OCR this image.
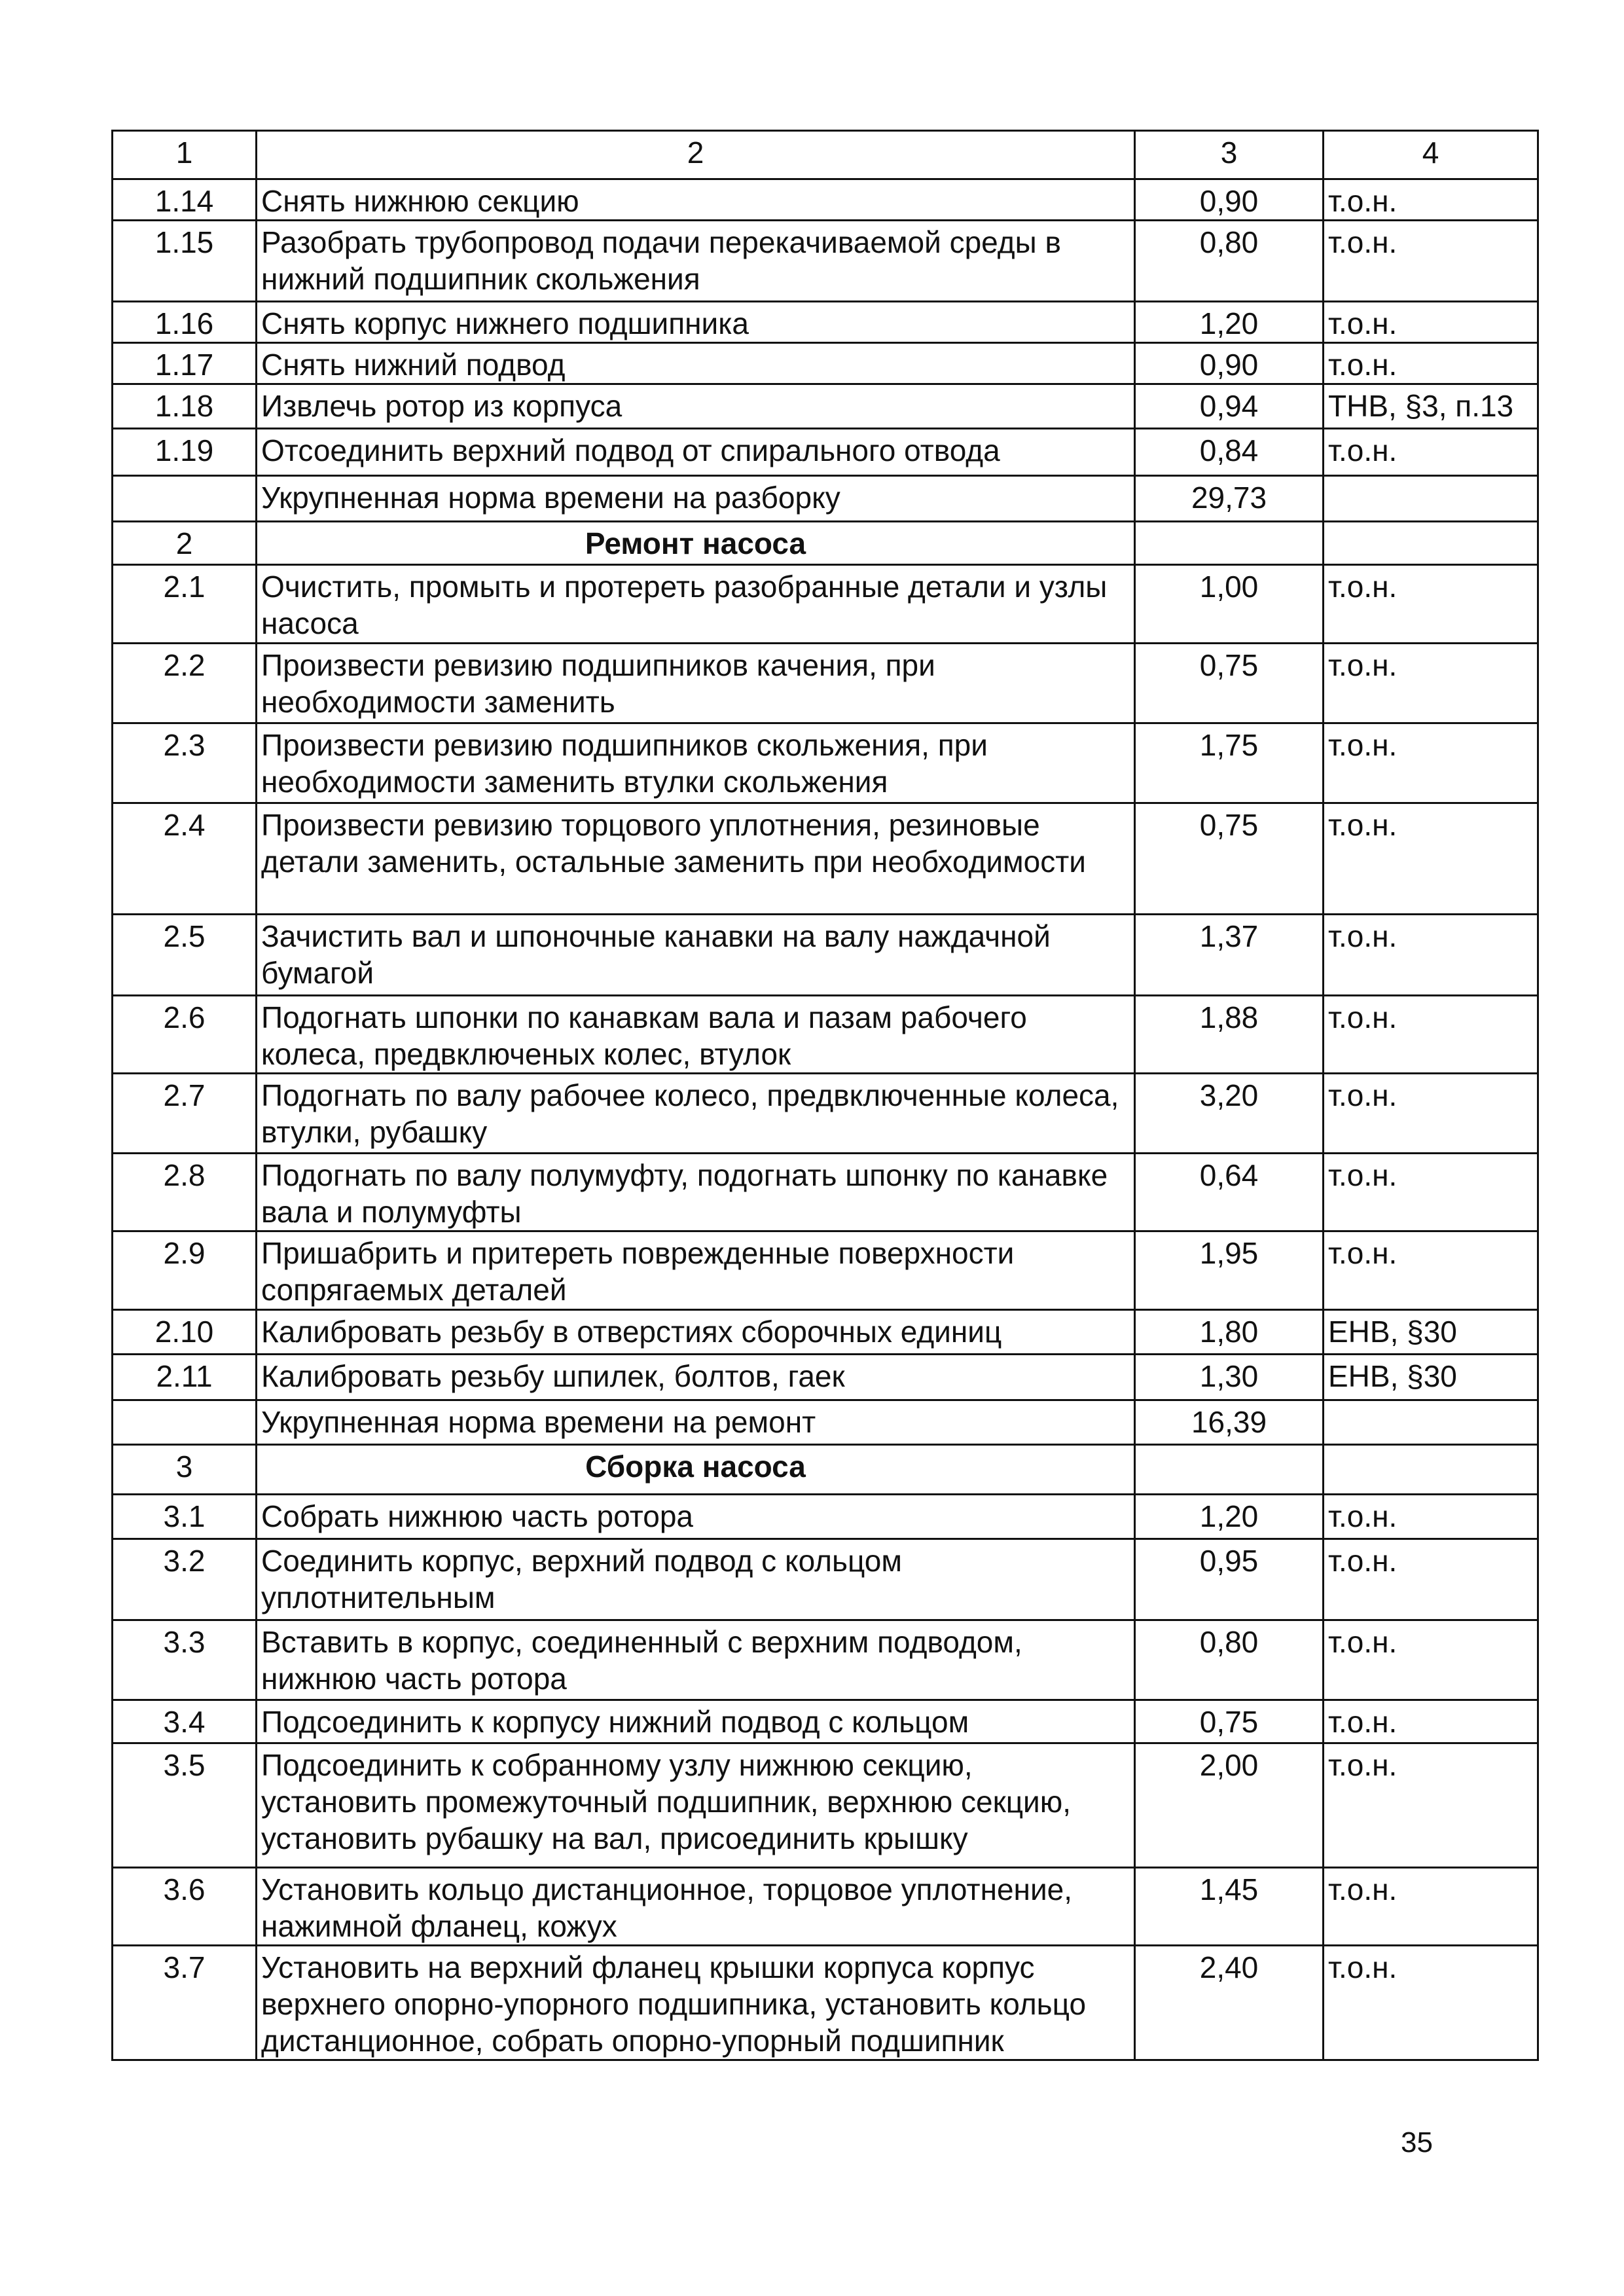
1	2	3	4
1.14	Снять нижнюю секцию	0,90	т.о.н.
1.15	Разобрать трубопровод подачи перекачиваемой среды в нижний подшипник скольжения	0,80	т.о.н.
1.16	Снять корпус нижнего подшипника	1,20	т.о.н.
1.17	Снять нижний подвод	0,90	т.о.н.
1.18	Извлечь ротор из корпуса	0,94	ТНВ, §3, п.13
1.19	Отсоединить верхний подвод от спирального отвода	0,84	т.о.н.
	Укрупненная норма времени на разборку	29,73	
2	Ремонт насоса		
2.1	Очистить, промыть и протереть разобранные детали и узлы насоса	1,00	т.о.н.
2.2	Произвести ревизию подшипников качения, при необходимости заменить	0,75	т.о.н.
2.3	Произвести ревизию подшипников скольжения, при необходимости заменить втулки скольжения	1,75	т.о.н.
2.4	Произвести ревизию торцового уплотнения, резиновые детали заменить, остальные заменить при необходимости	0,75	т.о.н.
2.5	Зачистить вал и шпоночные канавки на валу наждачной бумагой	1,37	т.о.н.
2.6	Подогнать шпонки по канавкам вала и пазам рабочего колеса, предвключеных колес, втулок	1,88	т.о.н.
2.7	Подогнать по валу рабочее колесо, предвключенные колеса, втулки, рубашку	3,20	т.о.н.
2.8	Подогнать по валу полумуфту, подогнать шпонку по канавке вала и полумуфты	0,64	т.о.н.
2.9	Пришабрить и притереть поврежденные поверхности сопрягаемых деталей	1,95	т.о.н.
2.10	Калибровать резьбу в отверстиях сборочных единиц	1,80	ЕНВ, §30
2.11	Калибровать резьбу шпилек, болтов, гаек	1,30	ЕНВ, §30
	Укрупненная норма времени на ремонт	16,39	
3	Сборка насоса		
3.1	Собрать нижнюю часть ротора	1,20	т.о.н.
3.2	Соединить корпус, верхний подвод с кольцом уплотнительным	0,95	т.о.н.
3.3	Вставить в корпус, соединенный с верхним подводом, нижнюю часть ротора	0,80	т.о.н.
3.4	Подсоединить к корпусу нижний подвод с кольцом	0,75	т.о.н.
3.5	Подсоединить к собранному узлу нижнюю секцию, установить промежуточный подшипник, верхнюю секцию, установить рубашку на вал, присоединить крышку	2,00	т.о.н.
3.6	Установить кольцо дистанционное, торцовое уплотнение, нажимной фланец, кожух	1,45	т.о.н.
3.7	Установить на верхний фланец крышки корпуса корпус верхнего опорно-упорного подшипника, установить кольцо дистанционное, собрать опорно-упорный подшипник	2,40	т.о.н.
35
